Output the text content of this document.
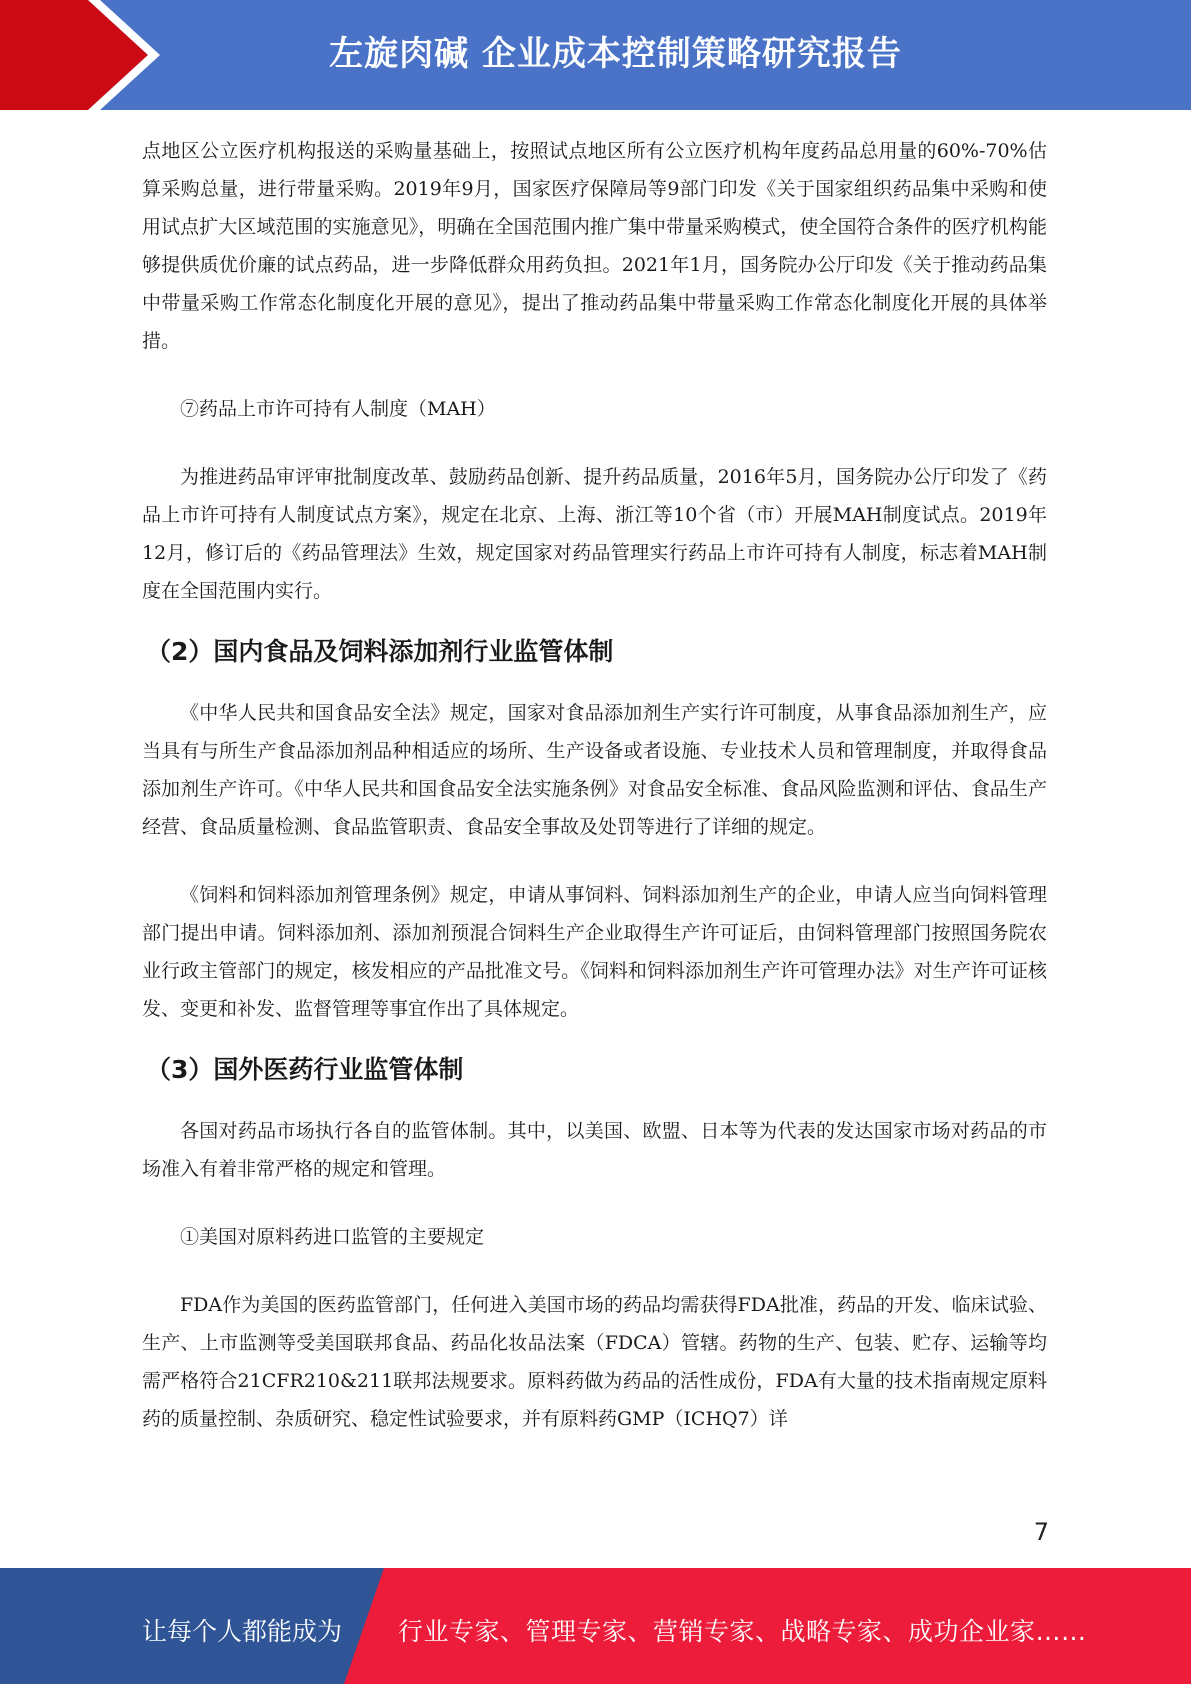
左旋肉碱 企业成本控制策略研究报告

点地区公立医疗机构报送的采购量基础上，按照试点地区所有公立医疗机构年度药品总用量的60%-70%估算采购总量，进行带量采购。2019年9月，国家医疗保障局等9部门印发《关于国家组织药品集中采购和使用试点扩大区域范围的实施意见》，明确在全国范围内推广集中带量采购模式，使全国符合条件的医疗机构能够提供质优价廉的试点药品，进一步降低群众用药负担。2021年1月，国务院办公厅印发《关于推动药品集中带量采购工作常态化制度化开展的意见》，提出了推动药品集中带量采购工作常态化制度化开展的具体举措。

⑦药品上市许可持有人制度（MAH）

为推进药品审评审批制度改革、鼓励药品创新、提升药品质量，2016年5月，国务院办公厅印发了《药品上市许可持有人制度试点方案》，规定在北京、上海、浙江等10个省（市）开展MAH制度试点。2019年12月，修订后的《药品管理法》生效，规定国家对药品管理实行药品上市许可持有人制度，标志着MAH制度在全国范围内实行。

（2）国内食品及饲料添加剂行业监管体制

《中华人民共和国食品安全法》规定，国家对食品添加剂生产实行许可制度，从事食品添加剂生产，应当具有与所生产食品添加剂品种相适应的场所、生产设备或者设施、专业技术人员和管理制度，并取得食品添加剂生产许可。《中华人民共和国食品安全法实施条例》对食品安全标准、食品风险监测和评估、食品生产经营、食品质量检测、食品监管职责、食品安全事故及处罚等进行了详细的规定。

《饲料和饲料添加剂管理条例》规定，申请从事饲料、饲料添加剂生产的企业，申请人应当向饲料管理部门提出申请。饲料添加剂、添加剂预混合饲料生产企业取得生产许可证后，由饲料管理部门按照国务院农业行政主管部门的规定，核发相应的产品批准文号。《饲料和饲料添加剂生产许可管理办法》对生产许可证核发、变更和补发、监督管理等事宜作出了具体规定。

（3）国外医药行业监管体制

各国对药品市场执行各自的监管体制。其中，以美国、欧盟、日本等为代表的发达国家市场对药品的市场准入有着非常严格的规定和管理。

①美国对原料药进口监管的主要规定

FDA作为美国的医药监管部门，任何进入美国市场的药品均需获得FDA批准，药品的开发、临床试验、生产、上市监测等受美国联邦食品、药品化妆品法案（FDCA）管辖。药物的生产、包装、贮存、运输等均需严格符合21CFR210&211联邦法规要求。原料药做为药品的活性成份，FDA有大量的技术指南规定原料药的质量控制、杂质研究、稳定性试验要求，并有原料药GMP（ICHQ7）详

7
让每个人都能成为 行业专家、管理专家、营销专家、战略专家、成功企业家……
